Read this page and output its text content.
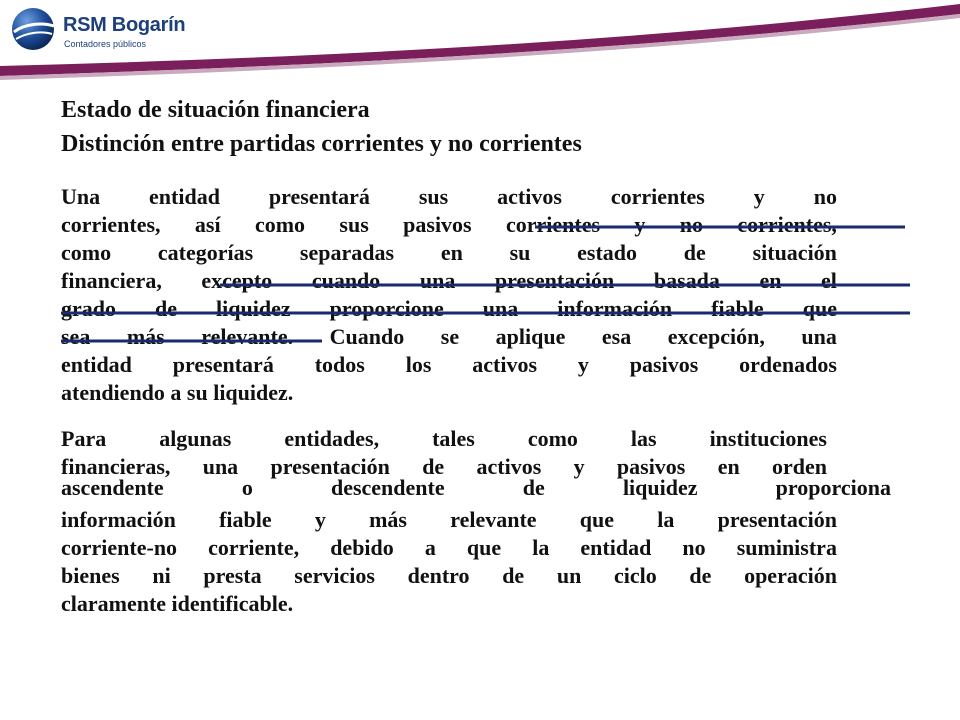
RSM Bogarín
Contadores públicos

Estado de situación financiera

Distinción entre partidas corrientes y no corrientes

Una entidad presentará sus activos corrientes y no
corrientes, así como sus pasivos corrientes y no corrientes,
como categorías separadas en su estado de situación
financiera, excepto cuando una presentación basada en el
grado de liquidez proporcione una información fiable que
sea más relevante. Cuando se aplique esa excepción, una
entidad presentará todos los activos y pasivos ordenados
atendiendo a su liquidez.
Para algunas entidades, tales como las instituciones
financieras, una presentación de activos y pasivos en orden
ascendente	o	descendente	de	liquidez	proporciona
información fiable y más relevante que la presentación
corriente-no corriente, debido a que la entidad no suministra
bienes ni presta servicios dentro de un ciclo de operación
claramente identificable.
